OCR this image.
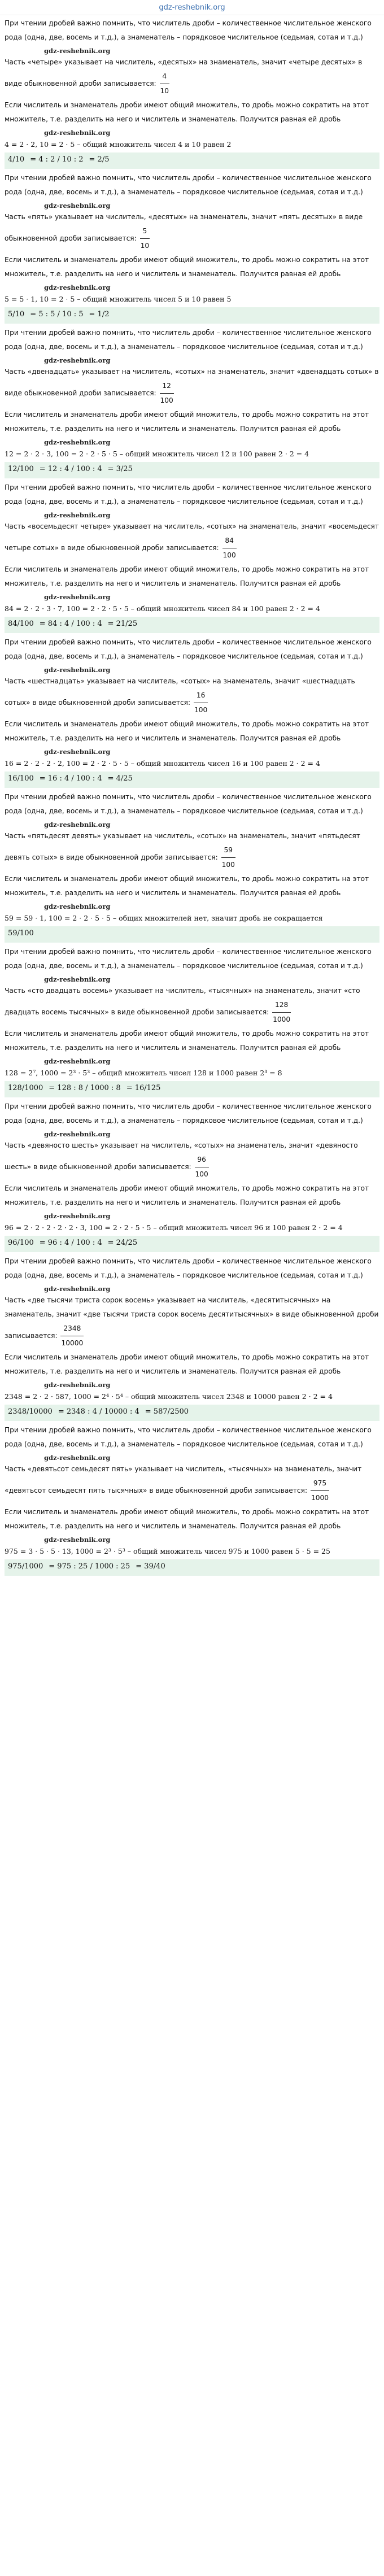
gdz-reshebnik.org

При чтении дробей важно помнить, что числитель дроби – количественное числительное женского рода (одна, две, восемь и т.д.), а знаменатель – порядковое числительное (седьмая, сотая и т.д.)

gdz-reshebnik.org

Часть «четыре» указывает на числитель, «десятых» на знаменатель, значит «четыре десятых» в виде обыкновенной дроби записывается: $\frac{4}{10}$

Если числитель и знаменатель дроби имеют общий множитель, то дробь можно сократить на этот множитель, т.е. разделить на него и числитель и знаменатель. Получится равная ей дробь

gdz-reshebnik.org

4 = 2 · 2, 10 = 2 · 5 – общий множитель чисел 4 и 10 равен 2

4/10 = 4 : 2 / 10 : 2 = 2/5

При чтении дробей важно помнить, что числитель дроби – количественное числительное женского рода (одна, две, восемь и т.д.), а знаменатель – порядковое числительное (седьмая, сотая и т.д.)

gdz-reshebnik.org

Часть «пять» указывает на числитель, «десятых» на знаменатель, значит «пять десятых» в виде обыкновенной дроби записывается: $\frac{5}{10}$

Если числитель и знаменатель дроби имеют общий множитель, то дробь можно сократить на этот множитель, т.е. разделить на него и числитель и знаменатель. Получится равная ей дробь

gdz-reshebnik.org

5 = 5 · 1, 10 = 2 · 5 – общий множитель чисел 5 и 10 равен 5

5/10 = 5 : 5 / 10 : 5 = 1/2

При чтении дробей важно помнить, что числитель дроби – количественное числительное женского рода (одна, две, восемь и т.д.), а знаменатель – порядковое числительное (седьмая, сотая и т.д.)

gdz-reshebnik.org

Часть «двенадцать» указывает на числитель, «сотых» на знаменатель, значит «двенадцать сотых» в виде обыкновенной дроби записывается: $\frac{12}{100}$

Если числитель и знаменатель дроби имеют общий множитель, то дробь можно сократить на этот множитель, т.е. разделить на него и числитель и знаменатель. Получится равная ей дробь

gdz-reshebnik.org

12 = 2 · 2 · 3, 100 = 2 · 2 · 5 · 5 – общий множитель чисел 12 и 100 равен 2 · 2 = 4

12/100 = 12 : 4 / 100 : 4 = 3/25

При чтении дробей важно помнить, что числитель дроби – количественное числительное женского рода (одна, две, восемь и т.д.), а знаменатель – порядковое числительное (седьмая, сотая и т.д.)

gdz-reshebnik.org

Часть «восемьдесят четыре» указывает на числитель, «сотых» на знаменатель, значит «восемьдесят четыре сотых» в виде обыкновенной дроби записывается: $\frac{84}{100}$

Если числитель и знаменатель дроби имеют общий множитель, то дробь можно сократить на этот множитель, т.е. разделить на него и числитель и знаменатель. Получится равная ей дробь

gdz-reshebnik.org

84 = 2 · 2 · 3 · 7, 100 = 2 · 2 · 5 · 5 – общий множитель чисел 84 и 100 равен 2 · 2 = 4

84/100 = 84 : 4 / 100 : 4 = 21/25

При чтении дробей важно помнить, что числитель дроби – количественное числительное женского рода (одна, две, восемь и т.д.), а знаменатель – порядковое числительное (седьмая, сотая и т.д.)

gdz-reshebnik.org

Часть «шестнадцать» указывает на числитель, «сотых» на знаменатель, значит «шестнадцать сотых» в виде обыкновенной дроби записывается: $\frac{16}{100}$

Если числитель и знаменатель дроби имеют общий множитель, то дробь можно сократить на этот множитель, т.е. разделить на него и числитель и знаменатель. Получится равная ей дробь

gdz-reshebnik.org

16 = 2 · 2 · 2 · 2, 100 = 2 · 2 · 5 · 5 – общий множитель чисел 16 и 100 равен 2 · 2 = 4

16/100 = 16 : 4 / 100 : 4 = 4/25

При чтении дробей важно помнить, что числитель дроби – количественное числительное женского рода (одна, две, восемь и т.д.), а знаменатель – порядковое числительное (седьмая, сотая и т.д.)

gdz-reshebnik.org

Часть «пятьдесят девять» указывает на числитель, «сотых» на знаменатель, значит «пятьдесят девять сотых» в виде обыкновенной дроби записывается: $\frac{59}{100}$

Если числитель и знаменатель дроби имеют общий множитель, то дробь можно сократить на этот множитель, т.е. разделить на него и числитель и знаменатель. Получится равная ей дробь

gdz-reshebnik.org

59 = 59 · 1, 100 = 2 · 2 · 5 · 5 – общих множителей нет, значит дробь не сокращается

59/100

При чтении дробей важно помнить, что числитель дроби – количественное числительное женского рода (одна, две, восемь и т.д.), а знаменатель – порядковое числительное (седьмая, сотая и т.д.)

gdz-reshebnik.org

Часть «сто двадцать восемь» указывает на числитель, «тысячных» на знаменатель, значит «сто двадцать восемь тысячных» в виде обыкновенной дроби записывается: $\frac{128}{1000}$

Если числитель и знаменатель дроби имеют общий множитель, то дробь можно сократить на этот множитель, т.е. разделить на него и числитель и знаменатель. Получится равная ей дробь

gdz-reshebnik.org

128 = 2⁷, 1000 = 2³ · 5³ – общий множитель чисел 128 и 1000 равен 2³ = 8

128/1000 = 128 : 8 / 1000 : 8 = 16/125

При чтении дробей важно помнить, что числитель дроби – количественное числительное женского рода (одна, две, восемь и т.д.), а знаменатель – порядковое числительное (седьмая, сотая и т.д.)

gdz-reshebnik.org

Часть «девяносто шесть» указывает на числитель, «сотых» на знаменатель, значит «девяносто шесть» в виде обыкновенной дроби записывается: $\frac{96}{100}$

Если числитель и знаменатель дроби имеют общий множитель, то дробь можно сократить на этот множитель, т.е. разделить на него и числитель и знаменатель. Получится равная ей дробь

gdz-reshebnik.org

96 = 2 · 2 · 2 · 2 · 2 · 3, 100 = 2 · 2 · 5 · 5 – общий множитель чисел 96 и 100 равен 2 · 2 = 4

96/100 = 96 : 4 / 100 : 4 = 24/25

При чтении дробей важно помнить, что числитель дроби – количественное числительное женского рода (одна, две, восемь и т.д.), а знаменатель – порядковое числительное (седьмая, сотая и т.д.)

gdz-reshebnik.org

Часть «две тысячи триста сорок восемь» указывает на числитель, «десятитысячных» на знаменатель, значит «две тысячи триста сорок восемь десятитысячных» в виде обыкновенной дроби записывается: $\frac{2348}{10000}$

Если числитель и знаменатель дроби имеют общий множитель, то дробь можно сократить на этот множитель, т.е. разделить на него и числитель и знаменатель. Получится равная ей дробь

gdz-reshebnik.org

2348 = 2 · 2 · 587, 1000 = 2⁴ · 5⁴ – общий множитель чисел 2348 и 10000 равен 2 · 2 = 4

2348/10000 = 2348 : 4 / 10000 : 4 = 587/2500

При чтении дробей важно помнить, что числитель дроби – количественное числительное женского рода (одна, две, восемь и т.д.), а знаменатель – порядковое числительное (седьмая, сотая и т.д.)

gdz-reshebnik.org

Часть «девятьсот семьдесят пять» указывает на числитель, «тысячных» на знаменатель, значит «девятьсот семьдесят пять тысячных» в виде обыкновенной дроби записывается: $\frac{975}{1000}$

Если числитель и знаменатель дроби имеют общий множитель, то дробь можно сократить на этот множитель, т.е. разделить на него и числитель и знаменатель. Получится равная ей дробь

gdz-reshebnik.org

975 = 3 · 5 · 5 · 13, 1000 = 2³ · 5³ – общий множитель чисел 975 и 1000 равен 5 · 5 = 25

975/1000 = 975 : 25 / 1000 : 25 = 39/40
